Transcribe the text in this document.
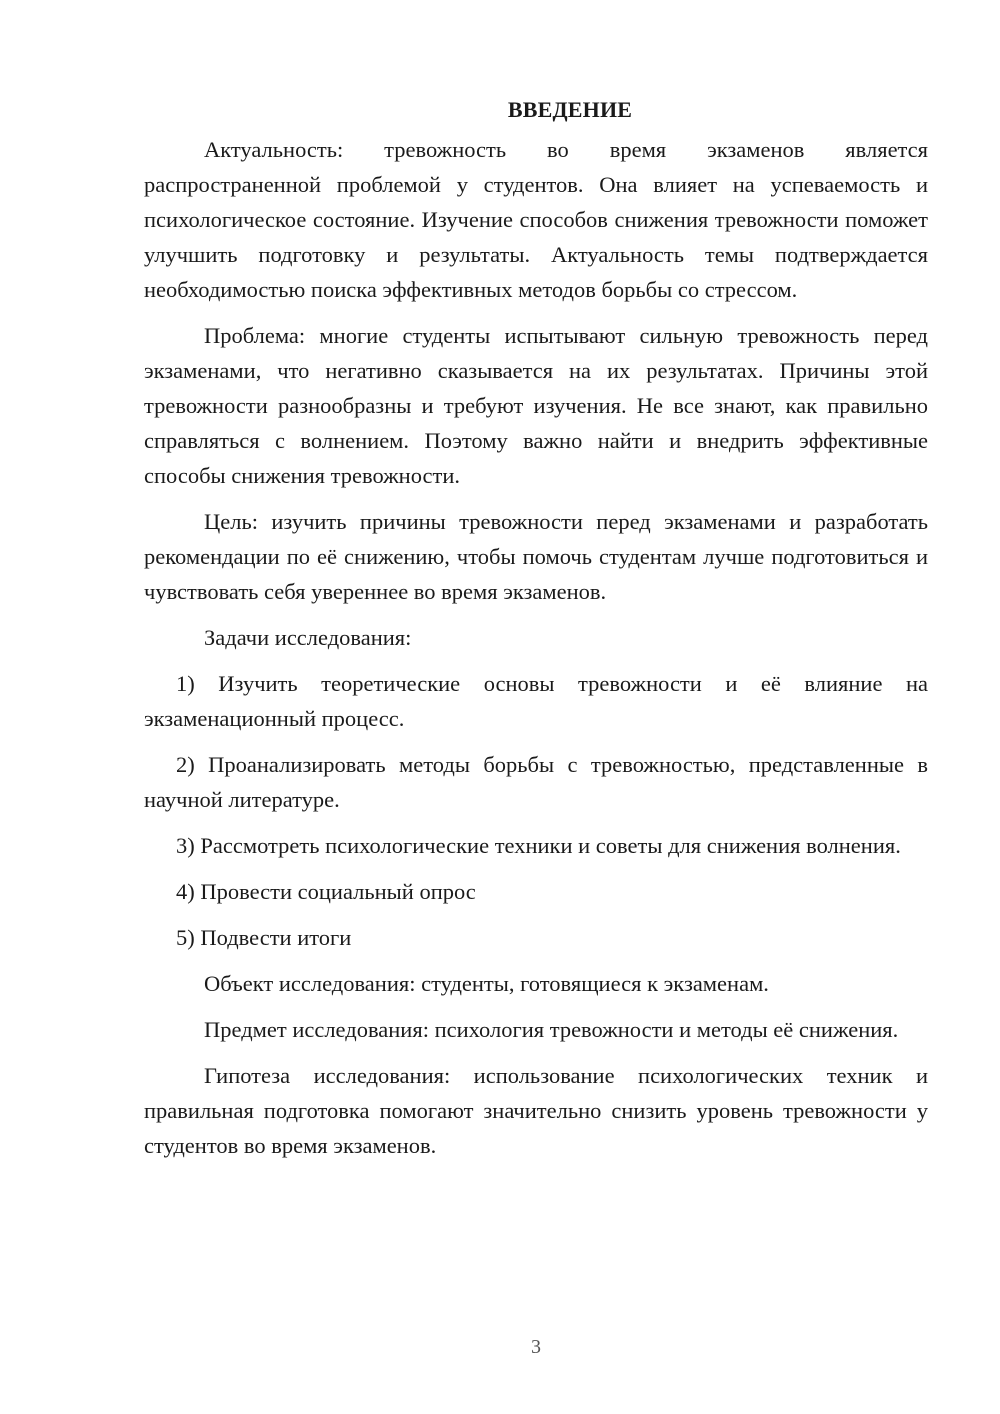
ВВЕДЕНИЕ

Актуальность: тревожность во время экзаменов является распространенной проблемой у студентов. Она влияет на успеваемость и психологическое состояние. Изучение способов снижения тревожности поможет улучшить подготовку и результаты. Актуальность темы подтверждается необходимостью поиска эффективных методов борьбы со стрессом.

Проблема: многие студенты испытывают сильную тревожность перед экзаменами, что негативно сказывается на их результатах. Причины этой тревожности разнообразны и требуют изучения. Не все знают, как правильно справляться с волнением. Поэтому важно найти и внедрить эффективные способы снижения тревожности.

Цель: изучить причины тревожности перед экзаменами и разработать рекомендации по её снижению, чтобы помочь студентам лучше подготовиться и чувствовать себя увереннее во время экзаменов.

Задачи исследования:

1) Изучить теоретические основы тревожности и её влияние на экзаменационный процесс.

2) Проанализировать методы борьбы с тревожностью, представленные в научной литературе.

3) Рассмотреть психологические техники и советы для снижения волнения.

4) Провести социальный опрос

5) Подвести итоги

Объект исследования: студенты, готовящиеся к экзаменам.

Предмет исследования: психология тревожности и методы её снижения.

Гипотеза исследования: использование психологических техник и правильная подготовка помогают значительно снизить уровень тревожности у студентов во время экзаменов.

3
